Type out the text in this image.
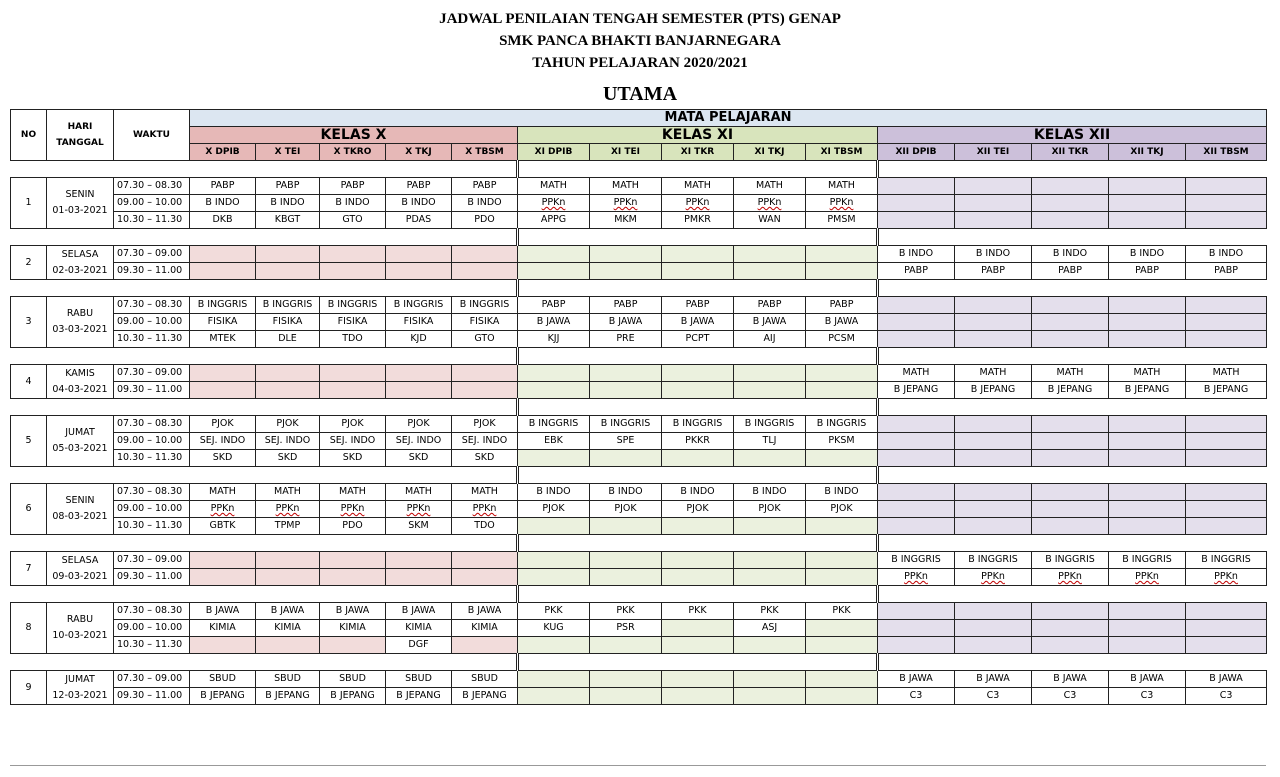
JADWAL PENILAIAN TENGAH SEMESTER (PTS) GENAP
SMK PANCA BHAKTI BANJARNEGARA
TAHUN PELAJARAN 2020/2021
UTAMA
NO	HARI
TANGGAL	WAKTU	MATA PELAJARAN														
			KELAS X					KELAS XI					KELAS XII				
			X DPIB	X TEI	X TKRO	X TKJ	X TBSM	XI DPIB	XI TEI	XI TKR	XI TKJ	XI TBSM	XII DPIB	XII TEI	XII TKR	XII TKJ	XII TBSM

1	SENIN
01-03-2021	07.30 – 08.30	PABP	PABP	PABP	PABP	PABP	MATH	MATH	MATH	MATH	MATH					
		09.00 – 10.00	B INDO	B INDO	B INDO	B INDO	B INDO	PPKn	PPKn	PPKn	PPKn	PPKn					
		10.30 – 11.30	DKB	KBGT	GTO	PDAS	PDO	APPG	MKM	PMKR	WAN	PMSM					

2	SELASA
02-03-2021	07.30 – 09.00											B INDO	B INDO	B INDO	B INDO	B INDO
		09.30 – 11.00											PABP	PABP	PABP	PABP	PABP

3	RABU
03-03-2021	07.30 – 08.30	B INGGRIS	B INGGRIS	B INGGRIS	B INGGRIS	B INGGRIS	PABP	PABP	PABP	PABP	PABP					
		09.00 – 10.00	FISIKA	FISIKA	FISIKA	FISIKA	FISIKA	B JAWA	B JAWA	B JAWA	B JAWA	B JAWA					
		10.30 – 11.30	MTEK	DLE	TDO	KJD	GTO	KJJ	PRE	PCPT	AIJ	PCSM					

4	KAMIS
04-03-2021	07.30 – 09.00											MATH	MATH	MATH	MATH	MATH
		09.30 – 11.00											B JEPANG	B JEPANG	B JEPANG	B JEPANG	B JEPANG

5	JUMAT
05-03-2021	07.30 – 08.30	PJOK	PJOK	PJOK	PJOK	PJOK	B INGGRIS	B INGGRIS	B INGGRIS	B INGGRIS	B INGGRIS					
		09.00 – 10.00	SEJ. INDO	SEJ. INDO	SEJ. INDO	SEJ. INDO	SEJ. INDO	EBK	SPE	PKKR	TLJ	PKSM					
		10.30 – 11.30	SKD	SKD	SKD	SKD	SKD										

6	SENIN
08-03-2021	07.30 – 08.30	MATH	MATH	MATH	MATH	MATH	B INDO	B INDO	B INDO	B INDO	B INDO					
		09.00 – 10.00	PPKn	PPKn	PPKn	PPKn	PPKn	PJOK	PJOK	PJOK	PJOK	PJOK					
		10.30 – 11.30	GBTK	TPMP	PDO	SKM	TDO										

7	SELASA
09-03-2021	07.30 – 09.00											B INGGRIS	B INGGRIS	B INGGRIS	B INGGRIS	B INGGRIS
		09.30 – 11.00											PPKn	PPKn	PPKn	PPKn	PPKn

8	RABU
10-03-2021	07.30 – 08.30	B JAWA	B JAWA	B JAWA	B JAWA	B JAWA	PKK	PKK	PKK	PKK	PKK					
		09.00 – 10.00	KIMIA	KIMIA	KIMIA	KIMIA	KIMIA	KUG	PSR		ASJ						
		10.30 – 11.30				DGF											

9	JUMAT
12-03-2021	07.30 – 09.00	SBUD	SBUD	SBUD	SBUD	SBUD						B JAWA	B JAWA	B JAWA	B JAWA	B JAWA
		09.30 – 11.00	B JEPANG	B JEPANG	B JEPANG	B JEPANG	B JEPANG						C3	C3	C3	C3	C3
